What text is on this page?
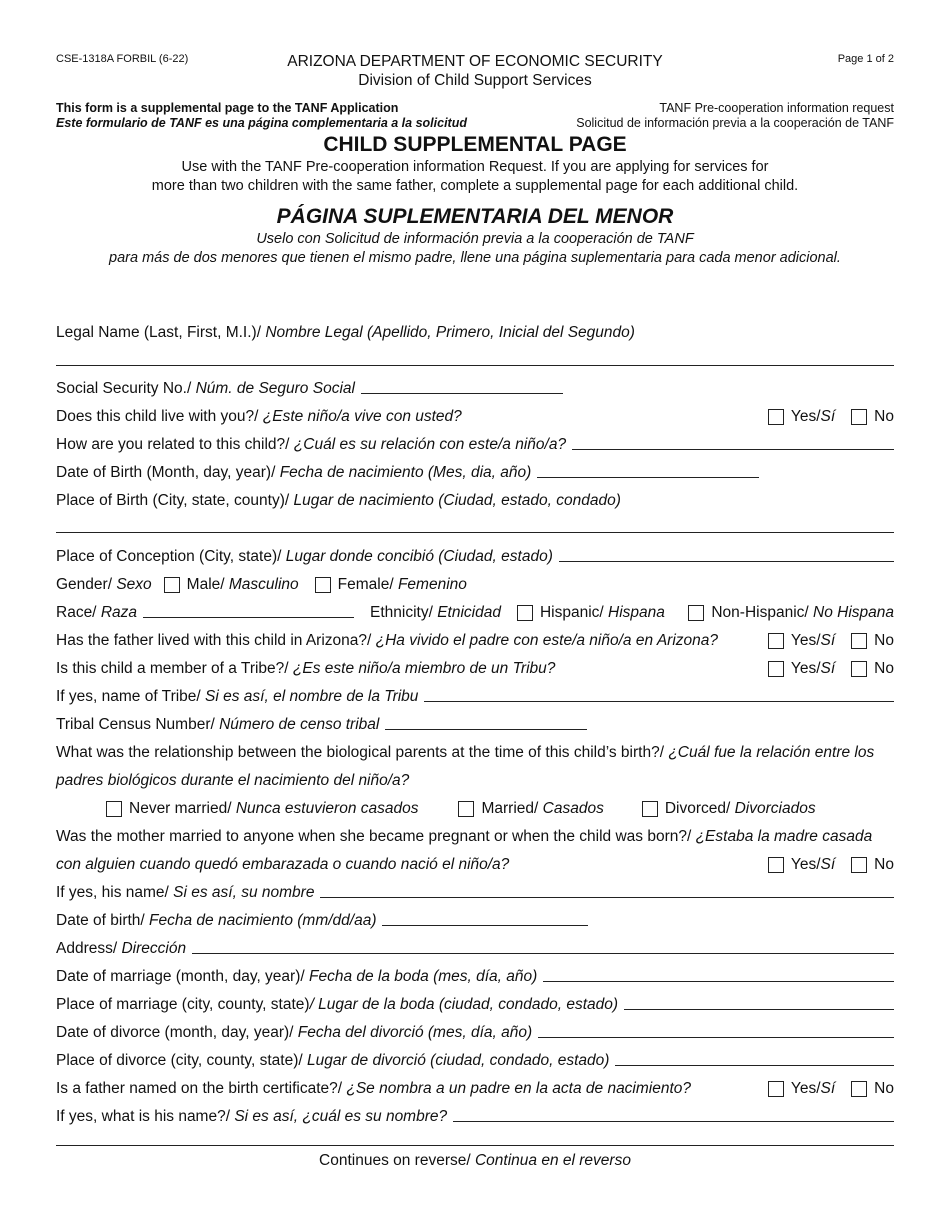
CSE-1318A FORBIL (6-22)	ARIZONA DEPARTMENT OF ECONOMIC SECURITY
Division of Child Support Services
Page 1 of 2
This form is a supplemental page to the TANF Application
Este formulario de TANF es una página complementaria a la solicitud
TANF Pre-cooperation information request
Solicitud de información previa a la cooperación de TANF
CHILD SUPPLEMENTAL PAGE
Use with the TANF Pre-cooperation information Request. If you are applying for services for
more than two children with the same father, complete a supplemental page for each additional child.
PÁGINA SUPLEMENTARIA DEL MENOR
Uselo con Solicitud de información previa a la cooperación de TANF
para más de dos menores que tienen el mismo padre, llene una página suplementaria para cada menor adicional.
Legal Name (Last, First, M.I.)/ Nombre Legal (Apellido, Primero, Inicial del Segundo)
Social Security No./ Núm. de Seguro Social
Does this child live with you?/ ¿Este niño/a vive con usted?	Yes/ Sí	No
How are you related to this child?/ ¿Cuál es su relación con este/a niño/a?
Date of Birth (Month, day, year)/ Fecha de nacimiento (Mes, dia, año)
Place of Birth (City, state, county)/ Lugar de nacimiento (Ciudad, estado, condado)
Place of Conception (City, state)/ Lugar donde concibió (Ciudad, estado)
Gender/ Sexo Male/ Masculino	Female/ Femenino
Race/ Raza	Ethnicity/ Etnicidad	Hispanic/ Hispana	Non-Hispanic/ No Hispana
Has the father lived with this child in Arizona?/ ¿Ha vivido el padre con este/a niño/a en Arizona?	Yes/ Sí	No
Is this child a member of a Tribe?/ ¿Es este niño/a miembro de un Tribu?	Yes/ Sí	No
If yes, name of Tribe/ Si es así, el nombre de la Tribu
Tribal Census Number/ Número de censo tribal
What was the relationship between the biological parents at the time of this child’s birth?/ ¿Cuál fue la relación entre los
padres biológicos durante el nacimiento del niño/a?
Never married/ Nunca estuvieron casados	Married/ Casados	Divorced/ Divorciados
Was the mother married to anyone when she became pregnant or when the child was born?/ ¿Estaba la madre casada
con alguien cuando quedó embarazada o cuando nació el niño/a?	Yes/ Sí	No
If yes, his name/ Si es así, su nombre
Date of birth/ Fecha de nacimiento (mm/dd/aa)
Address/ Dirección
Date of marriage (month, day, year)/ Fecha de la boda (mes, día, año)
Place of marriage (city, county, state) / Lugar de la boda (ciudad, condado, estado)
Date of divorce (month, day, year)/ Fecha del divorció (mes, día, año)
Place of divorce (city, county, state)/ Lugar de divorció (ciudad, condado, estado)
Is a father named on the birth certificate?/ ¿Se nombra a un padre en la acta de nacimiento?	Yes/ Sí	No
If yes, what is his name?/ Si es así, ¿cuál es su nombre?
Continues on reverse/ Continua en el reverso
